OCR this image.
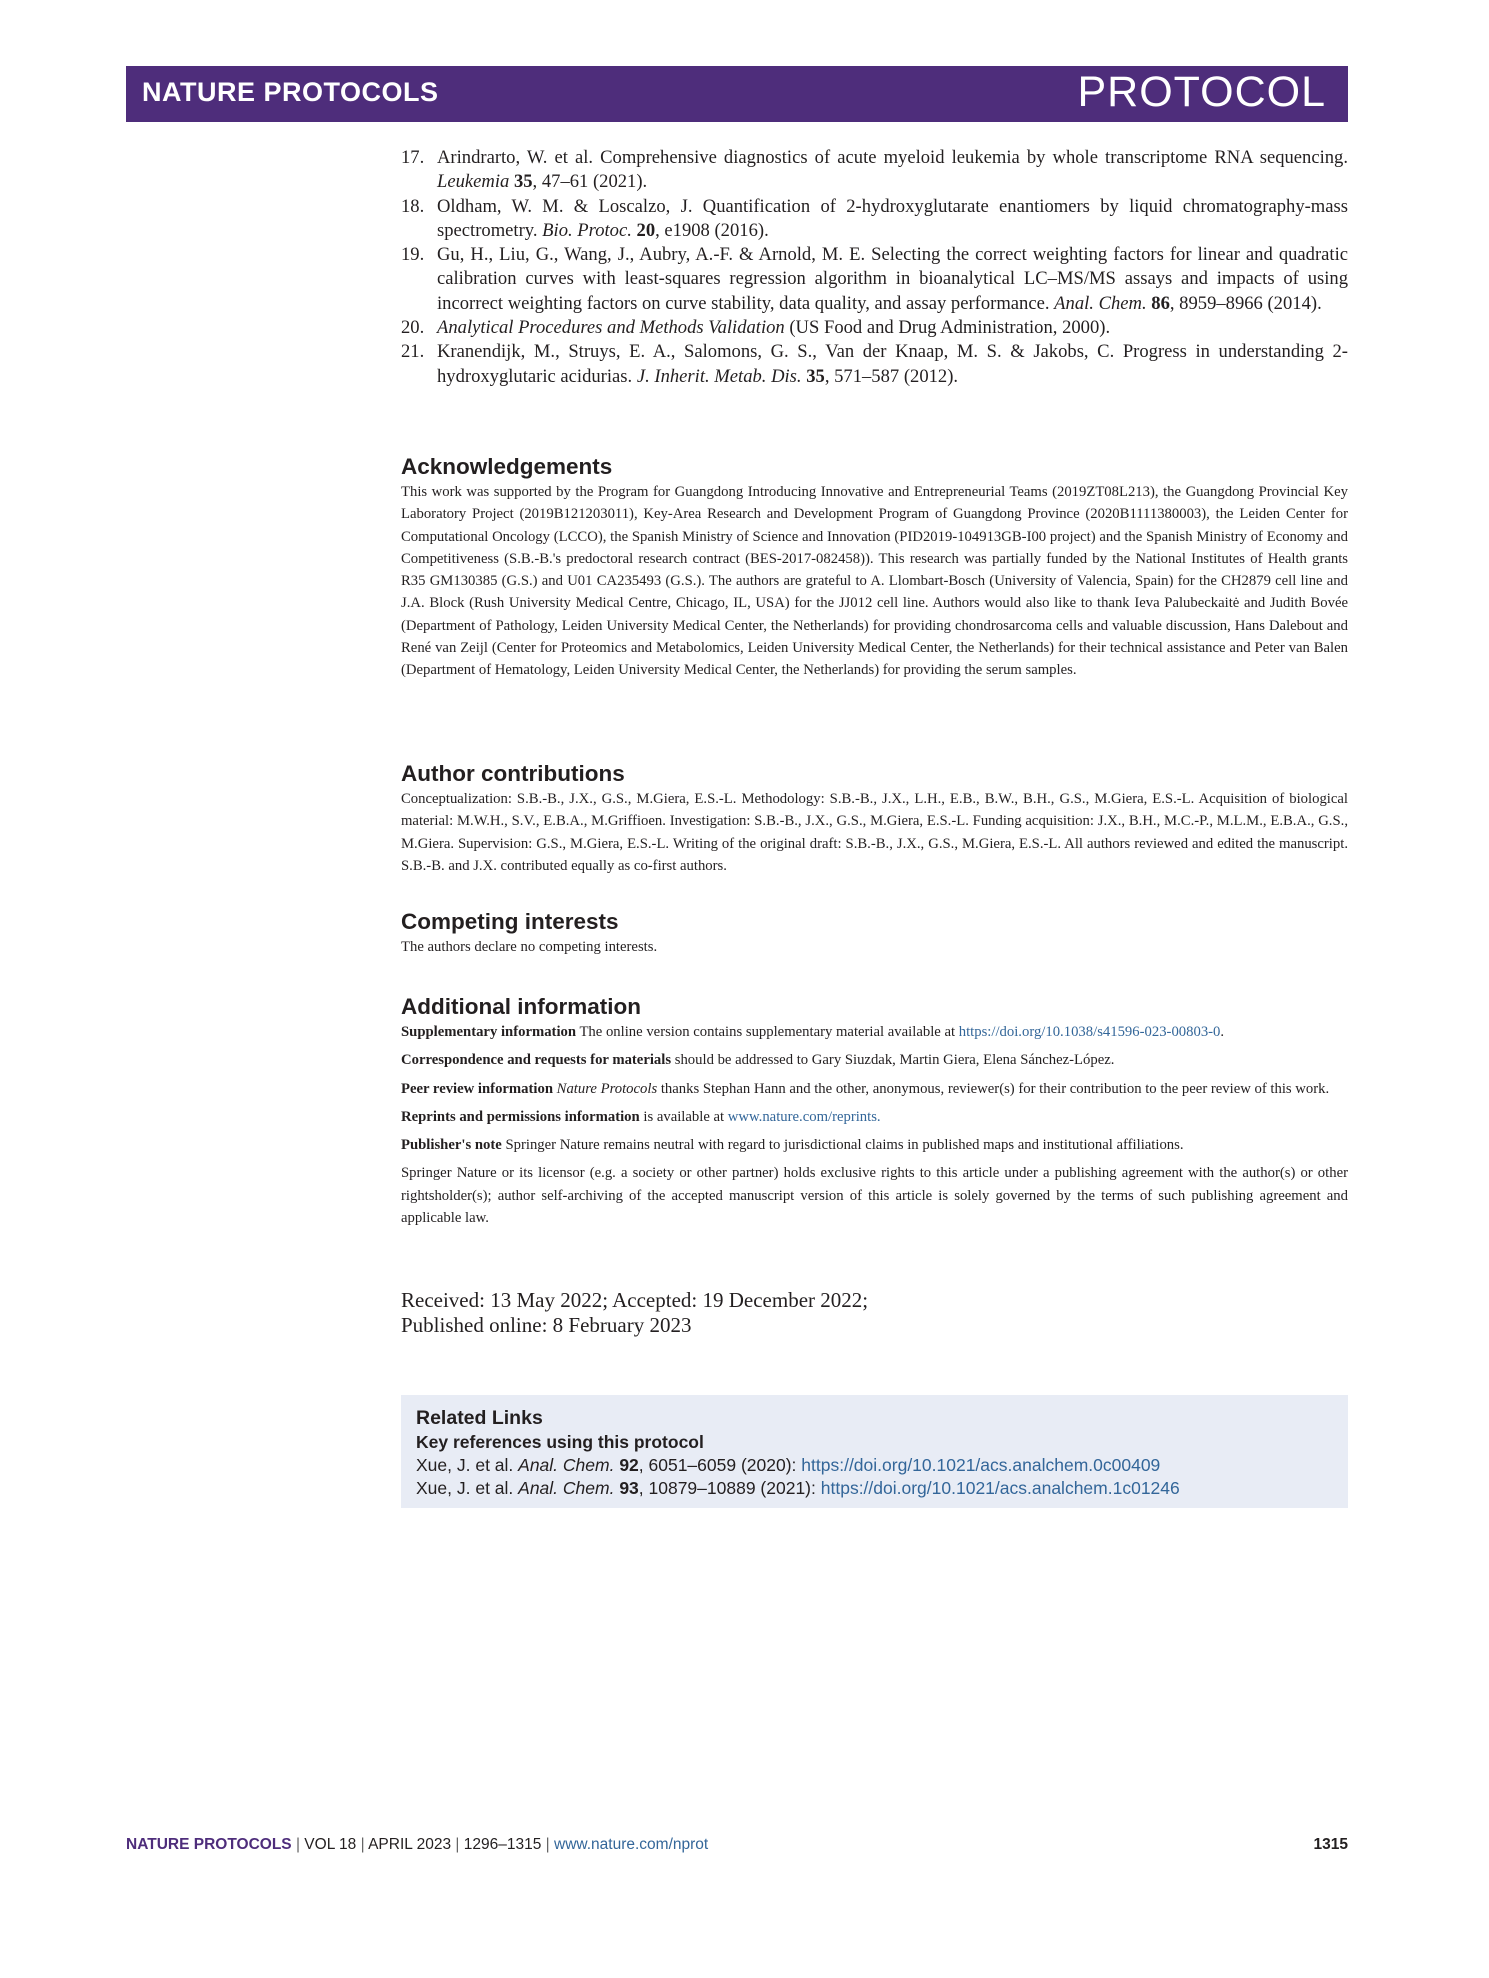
NATURE PROTOCOLS	PROTOCOL
17. Arindrarto, W. et al. Comprehensive diagnostics of acute myeloid leukemia by whole transcriptome RNA sequencing. Leukemia 35, 47–61 (2021).
18. Oldham, W. M. & Loscalzo, J. Quantification of 2-hydroxyglutarate enantiomers by liquid chromatography-mass spectrometry. Bio. Protoc. 20, e1908 (2016).
19. Gu, H., Liu, G., Wang, J., Aubry, A.-F. & Arnold, M. E. Selecting the correct weighting factors for linear and quadratic calibration curves with least-squares regression algorithm in bioanalytical LC–MS/MS assays and impacts of using incorrect weighting factors on curve stability, data quality, and assay performance. Anal. Chem. 86, 8959–8966 (2014).
20. Analytical Procedures and Methods Validation (US Food and Drug Administration, 2000).
21. Kranendijk, M., Struys, E. A., Salomons, G. S., Van der Knaap, M. S. & Jakobs, C. Progress in understanding 2-hydroxyglutaric acidurias. J. Inherit. Metab. Dis. 35, 571–587 (2012).
Acknowledgements

This work was supported by the Program for Guangdong Introducing Innovative and Entrepreneurial Teams (2019ZT08L213), the Guangdong Provincial Key Laboratory Project (2019B121203011), Key-Area Research and Development Program of Guangdong Province (2020B1111380003), the Leiden Center for Computational Oncology (LCCO), the Spanish Ministry of Science and Innovation (PID2019-104913GB-I00 project) and the Spanish Ministry of Economy and Competitiveness (S.B.-B.'s predoctoral research contract (BES-2017-082458)). This research was partially funded by the National Institutes of Health grants R35 GM130385 (G.S.) and U01 CA235493 (G.S.). The authors are grateful to A. Llombart-Bosch (University of Valencia, Spain) for the CH2879 cell line and J.A. Block (Rush University Medical Centre, Chicago, IL, USA) for the JJ012 cell line. Authors would also like to thank Ieva Palubeckaitė and Judith Bovée (Department of Pathology, Leiden University Medical Center, the Netherlands) for providing chondrosarcoma cells and valuable discussion, Hans Dalebout and René van Zeijl (Center for Proteomics and Metabolomics, Leiden University Medical Center, the Netherlands) for their technical assistance and Peter van Balen (Department of Hematology, Leiden University Medical Center, the Netherlands) for providing the serum samples.

Author contributions

Conceptualization: S.B.-B., J.X., G.S., M.Giera, E.S.-L. Methodology: S.B.-B., J.X., L.H., E.B., B.W., B.H., G.S., M.Giera, E.S.-L. Acquisition of biological material: M.W.H., S.V., E.B.A., M.Griffioen. Investigation: S.B.-B., J.X., G.S., M.Giera, E.S.-L. Funding acquisition: J.X., B.H., M.C.-P., M.L.M., E.B.A., G.S., M.Giera. Supervision: G.S., M.Giera, E.S.-L. Writing of the original draft: S.B.-B., J.X., G.S., M.Giera, E.S.-L. All authors reviewed and edited the manuscript. S.B.-B. and J.X. contributed equally as co-first authors.

Competing interests

The authors declare no competing interests.

Additional information

Supplementary information The online version contains supplementary material available at https://doi.org/10.1038/s41596-023-00803-0.

Correspondence and requests for materials should be addressed to Gary Siuzdak, Martin Giera, Elena Sánchez-López.

Peer review information Nature Protocols thanks Stephan Hann and the other, anonymous, reviewer(s) for their contribution to the peer review of this work.

Reprints and permissions information is available at www.nature.com/reprints.

Publisher's note Springer Nature remains neutral with regard to jurisdictional claims in published maps and institutional affiliations.

Springer Nature or its licensor (e.g. a society or other partner) holds exclusive rights to this article under a publishing agreement with the author(s) or other rightsholder(s); author self-archiving of the accepted manuscript version of this article is solely governed by the terms of such publishing agreement and applicable law.

Received: 13 May 2022; Accepted: 19 December 2022;
Published online: 8 February 2023
Related Links
Key references using this protocol
Xue, J. et al. Anal. Chem. 92, 6051–6059 (2020): https://doi.org/10.1021/acs.analchem.0c00409
Xue, J. et al. Anal. Chem. 93, 10879–10889 (2021): https://doi.org/10.1021/acs.analchem.1c01246
NATURE PROTOCOLS | VOL 18 | APRIL 2023 | 1296–1315 | www.nature.com/nprot	1315
